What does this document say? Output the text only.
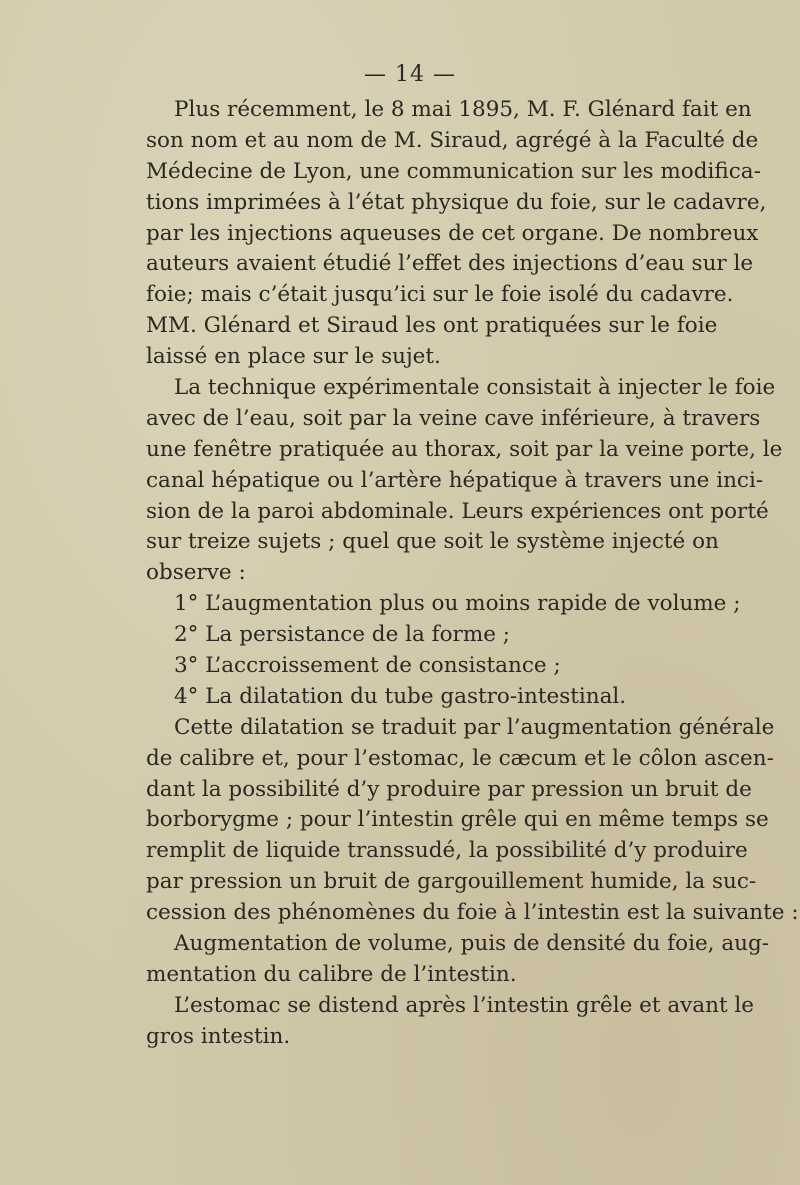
— 14 —
Plus récemment, le 8 mai 1895, M. F. Glénard fait en
son nom et au nom de M. Siraud, agrégé à la Faculté de
Médecine de Lyon, une communication sur les modifica-
tions imprimées à l’état physique du foie, sur le cadavre,
par les injections aqueuses de cet organe. De nombreux
auteurs avaient étudié l’effet des injections d’eau sur le
foie; mais c’était jusqu’ici sur le foie isolé du cadavre.
MM. Glénard et Siraud les ont pratiquées sur le foie
laissé en place sur le sujet.
La technique expérimentale consistait à injecter le foie
avec de l’eau, soit par la veine cave inférieure, à travers
une fenêtre pratiquée au thorax, soit par la veine porte, le
canal hépatique ou l’artère hépatique à travers une inci-
sion de la paroi abdominale. Leurs expériences ont porté
sur treize sujets ; quel que soit le système injecté on
observe :
1° L’augmentation plus ou moins rapide de volume ;
2° La persistance de la forme ;
3° L’accroissement de consistance ;
4° La dilatation du tube gastro-intestinal.
Cette dilatation se traduit par l’augmentation générale
de calibre et, pour l’estomac, le cæcum et le côlon ascen-
dant la possibilité d’y produire par pression un bruit de
borborygme ; pour l’intestin grêle qui en même temps se
remplit de liquide transsudé, la possibilité d’y produire
par pression un bruit de gargouillement humide, la suc-
cession des phénomènes du foie à l’intestin est la suivante :
Augmentation de volume, puis de densité du foie, aug-
mentation du calibre de l’intestin.
L’estomac se distend après l’intestin grêle et avant le
gros intestin.
